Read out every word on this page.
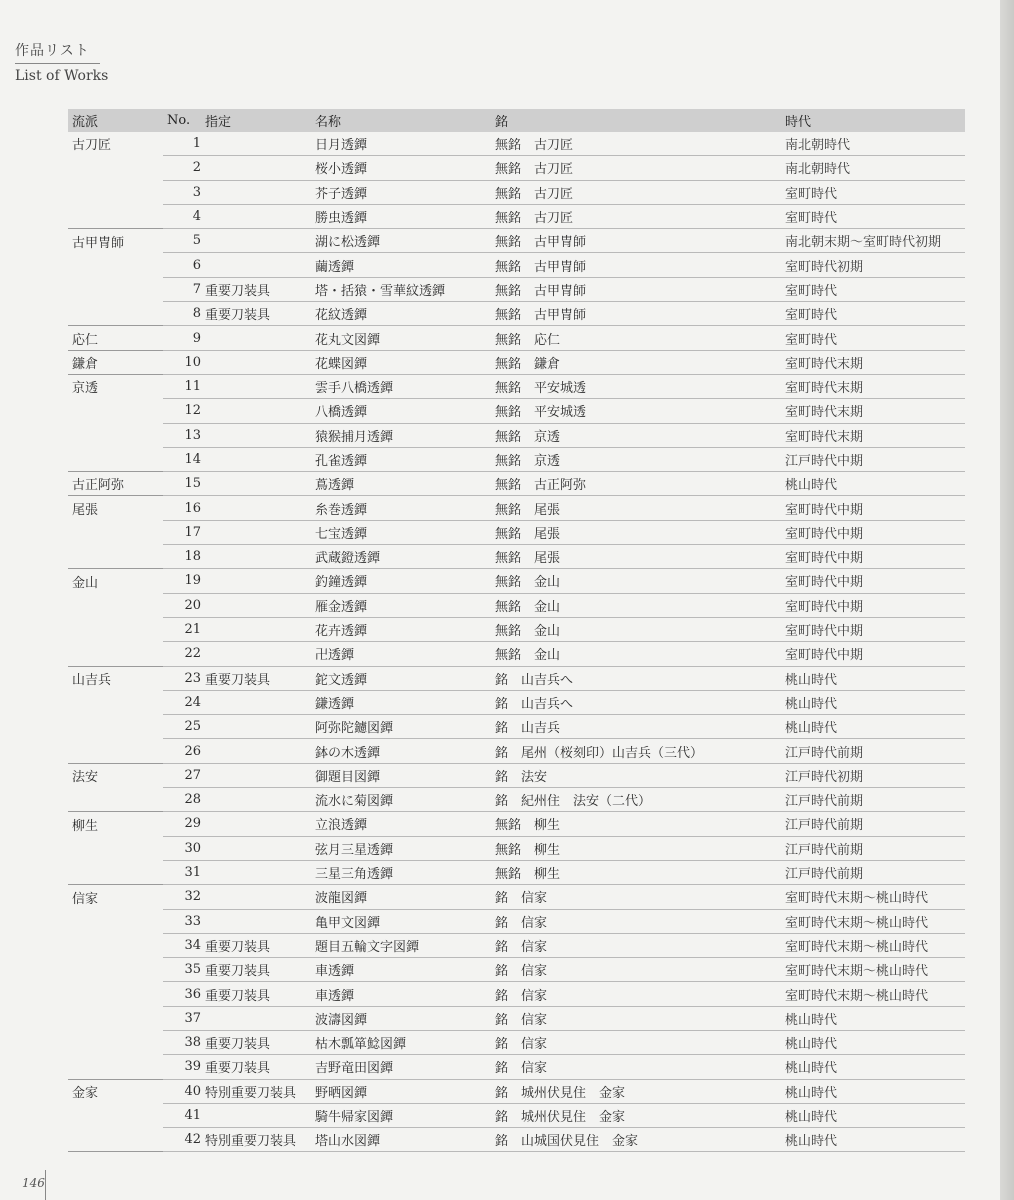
作品リスト
List of Works
流派	No.	指定	名称	銘	時代
古刀匠	1		日月透鐔	無銘　古刀匠	南北朝時代
	2		桜小透鐔	無銘　古刀匠	南北朝時代
	3		芥子透鐔	無銘　古刀匠	室町時代
	4		勝虫透鐔	無銘　古刀匠	室町時代
古甲冑師	5		湖に松透鐔	無銘　古甲冑師	南北朝末期～室町時代初期
	6		繭透鐔	無銘　古甲冑師	室町時代初期
	7	重要刀装具	塔・括猿・雪華紋透鐔	無銘　古甲冑師	室町時代
	8	重要刀装具	花紋透鐔	無銘　古甲冑師	室町時代
応仁	9		花丸文図鐔	無銘　応仁	室町時代
鎌倉	10		花蝶図鐔	無銘　鎌倉	室町時代末期
京透	11		雲手八橋透鐔	無銘　平安城透	室町時代末期
	12		八橋透鐔	無銘　平安城透	室町時代末期
	13		猿猴捕月透鐔	無銘　京透	室町時代末期
	14		孔雀透鐔	無銘　京透	江戸時代中期
古正阿弥	15		蔦透鐔	無銘　古正阿弥	桃山時代
尾張	16		糸巻透鐔	無銘　尾張	室町時代中期
	17		七宝透鐔	無銘　尾張	室町時代中期
	18		武蔵鐙透鐔	無銘　尾張	室町時代中期
金山	19		釣鐘透鐔	無銘　金山	室町時代中期
	20		雁金透鐔	無銘　金山	室町時代中期
	21		花卉透鐔	無銘　金山	室町時代中期
	22		卍透鐔	無銘　金山	室町時代中期
山吉兵	23	重要刀装具	鉈文透鐔	銘　山吉兵へ	桃山時代
	24		鎌透鐔	銘　山吉兵へ	桃山時代
	25		阿弥陀鑢図鐔	銘　山吉兵	桃山時代
	26		鉢の木透鐔	銘　尾州（桜刻印）山吉兵（三代）	江戸時代前期
法安	27		御題目図鐔	銘　法安	江戸時代初期
	28		流水に菊図鐔	銘　紀州住　法安（二代）	江戸時代前期
柳生	29		立浪透鐔	無銘　柳生	江戸時代前期
	30		弦月三星透鐔	無銘　柳生	江戸時代前期
	31		三星三角透鐔	無銘　柳生	江戸時代前期
信家	32		波龍図鐔	銘　信家	室町時代末期～桃山時代
	33		亀甲文図鐔	銘　信家	室町時代末期～桃山時代
	34	重要刀装具	題目五輪文字図鐔	銘　信家	室町時代末期～桃山時代
	35	重要刀装具	車透鐔	銘　信家	室町時代末期～桃山時代
	36	重要刀装具	車透鐔	銘　信家	室町時代末期～桃山時代
	37		波濤図鐔	銘　信家	桃山時代
	38	重要刀装具	枯木瓢箪鯰図鐔	銘　信家	桃山時代
	39	重要刀装具	吉野竜田図鐔	銘　信家	桃山時代
金家	40	特別重要刀装具	野晒図鐔	銘　城州伏見住　金家	桃山時代
	41		騎牛帰家図鐔	銘　城州伏見住　金家	桃山時代
	42	特別重要刀装具	塔山水図鐔	銘　山城国伏見住　金家	桃山時代
146
